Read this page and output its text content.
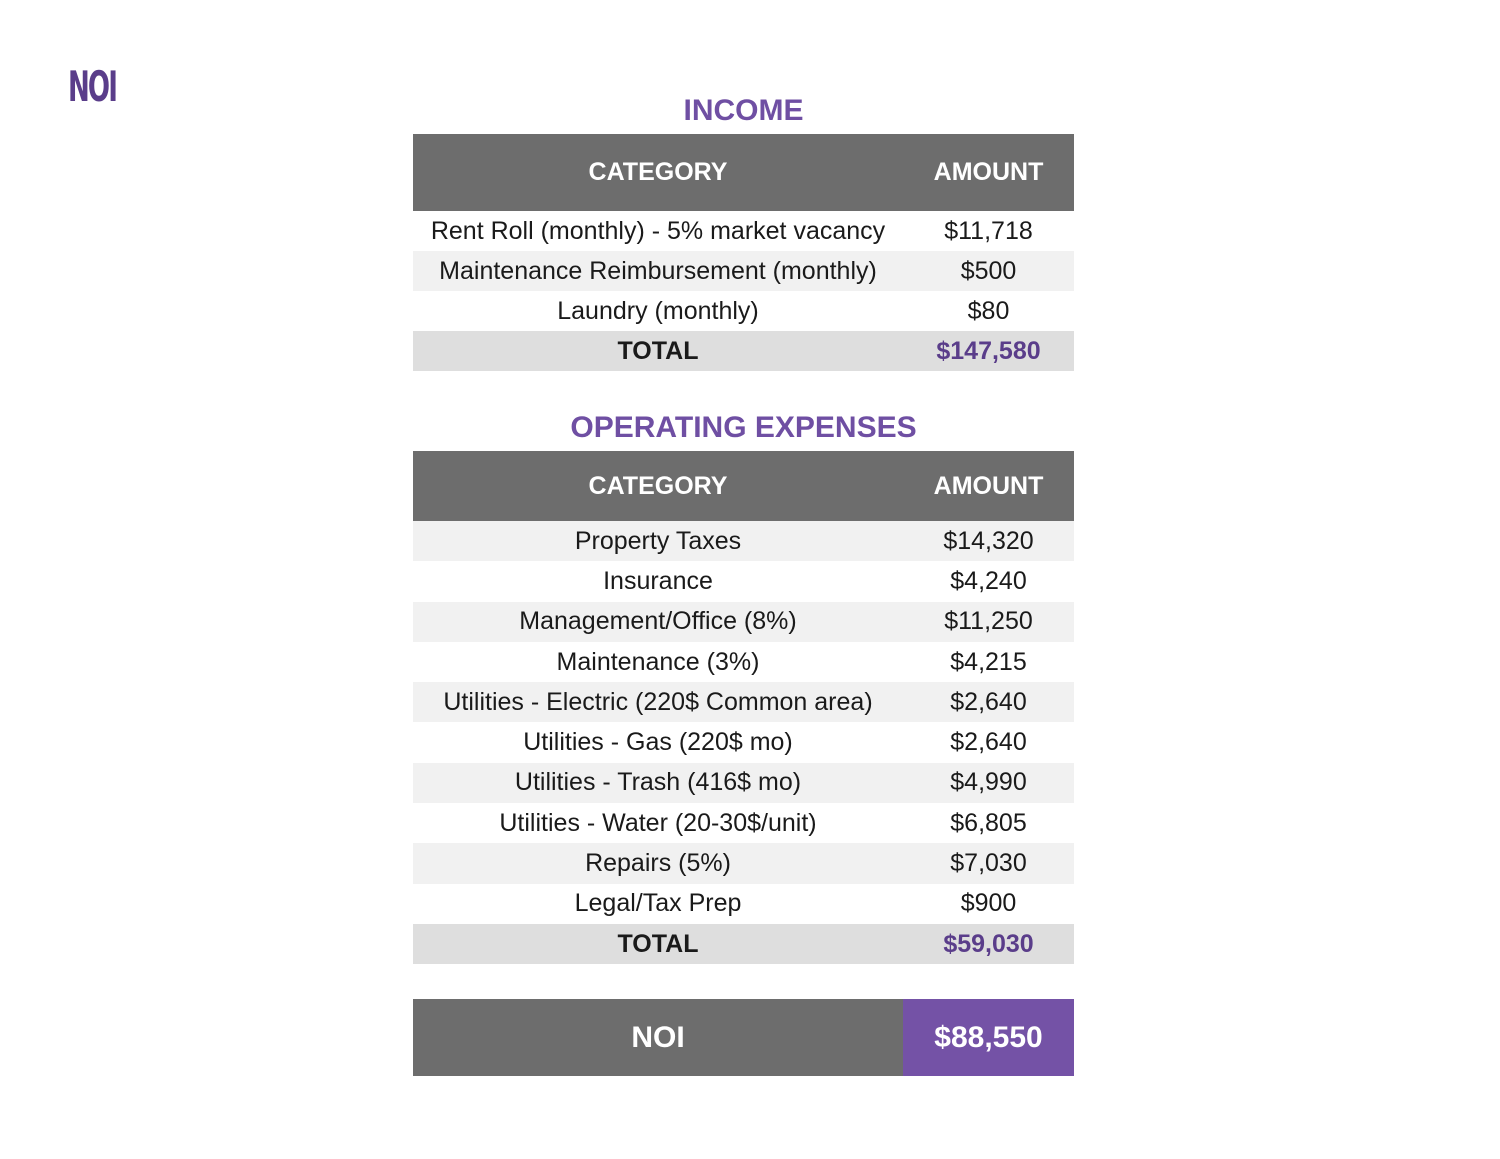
NOI	INCOME
CATEGORY	AMOUNT
Rent Roll (monthly) - 5% market vacancy	$11,718
Maintenance Reimbursement (monthly)	$500
Laundry (monthly)	$80
TOTAL	$147,580
OPERATING EXPENSES
CATEGORY	AMOUNT
Property Taxes	$14,320
Insurance	$4,240
Management/Office (8%)	$11,250
Maintenance (3%)	$4,215
Utilities - Electric (220$ Common area)	$2,640
Utilities - Gas (220$ mo)	$2,640
Utilities - Trash (416$ mo)	$4,990
Utilities - Water (20-30$/unit)	$6,805
Repairs (5%)	$7,030
Legal/Tax Prep	$900
TOTAL	$59,030
NOI	$88,550
